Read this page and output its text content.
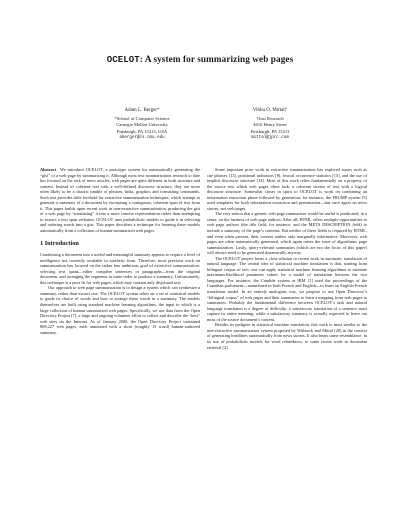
OCELOT: A system for summarizing web pages
Adam L. Berger*
*School of Computer Science
Carnegie Mellon University
Pittsburgh, PA 15213, USA
aberger@cs.cmu.edu
Vibhu O. Mittal†
†Just Research
4616 Henry Street
Pittsburgh, PA 15213
mittal@jprc.com

Abstract We introduce OCELOT, a prototype system for automatically generating the “gist” of a web page by summarizing it. Although most text summarization research to date has focused on the task of news articles, web pages are quite different in both structure and content. Instead of coherent text with a well-defined discourse structure, they are more often likely to be a chaotic jumble of phrases, links, graphics and formatting commands. Such text provides little foothold for extractive summarization techniques, which attempt to generate a summary of a document by excerpting a contiguous, coherent span of text from it. This paper builds upon recent work in non-extractive summarization, producing the gist of a web page by “translating” it into a more concise representation rather than attempting to extract a text span verbatim. OCELOT uses probabilistic models to guide it in selecting and ordering words into a gist. This paper describes a technique for learning these models automatically from a collection of human-summarized web pages.

1 Introduction

Condensing a document into a useful and meaningful summary appears to require a level of intelligence not currently available in synthetic form. Therefore, most previous work on summarization has focused on the rather less ambitious goal of extractive summarization: selecting text spans—either complete sentences or paragraphs—from the original document, and arranging the segments in some order to produce a summary. Unfortunately, this technique is a poor fit for web pages, which may contain only disjointed text.

Our approach to web page summarization is to design a system which can synthesize a summary, rather than extract one. The OCELOT system relies on a set of statistical models to guide its choice of words and how to arrange these words in a summary. The models themselves are built using standard machine learning algorithms, the input to which is a large collection of human summarized web pages. Specifically, we use data from the Open Directory Project [7], a large and ongoing volunteer effort to collect and describe the “best” web sites on the Internet. As of January 2000, the Open Directory Project contained 868,227 web pages, each annotated with a short (roughly 13 word) human-authored summary.

Some important prior work in extractive summarization has explored issues such as cue phrases [13], positional indicators [8], lexical occurrence statistics [15], and the use of implicit discourse structure [14]. Most of this work relies fundamentally on a property of the source text which web pages often lack: a coherent stream of text with a logical discourse structure. Somewhat closer in spirit to OCELOT is work on combining an information extraction phase followed by generation; for instance, the FRUMP system [5] used templates for both information extraction and presentation—but once again on news stories, not web pages.

The very notion that a generic web page summarizer would be useful is predicated, in a sense, on the laziness of web page authors. After all, HTML offers multiple opportunities to web page authors (the title field, for instance, and the META DESCRIPTION field) to include a summary of the page’s contents. But neither of these fields is required by HTML, and even when present, their content outlets only marginally informative. Moreover, web pages are often automatically generated, which again raises the issue of algorithmic page summarization. Lastly, query-relevant summaries (which are not the focus of this paper) will always need to be generated dynamically anyway.

The OCELOT project bears a close relation to recent work in automatic translation of natural language. The central idea of statistical machine translation is that, starting from bilingual corpus of text, one can apply statistical machine learning algorithms to estimate maximum-likelihood parameter values for a model of translation between the two languages. For instance, the Candide system at IBM [1] used the proceedings of the Canadian parliament—maintained in both French and English—to learn an English-French translation model. In an entirely analogous way, we propose to use Open Directory’s “bilingual corpus” of web pages and their summaries to learn a mapping from web pages to summaries. Probably the fundamental difference between OCELOT’s task and natural language translation is a degree of difficulty: a satisfactory translation of a sentence must capture its entire meaning, while a satisfactory summary is actually expected to leave out most of the source document’s content.

Besides its pedigree in statistical machine translation, this work is most similar to the non-extractive summarization system proposed by Witbrock and Mittal [20] in the context of generating headlines automatically from news stories. It also bears some resemblance, in its use of probabilistic models for word relatedness, to some recent work in document retrieval [2].
